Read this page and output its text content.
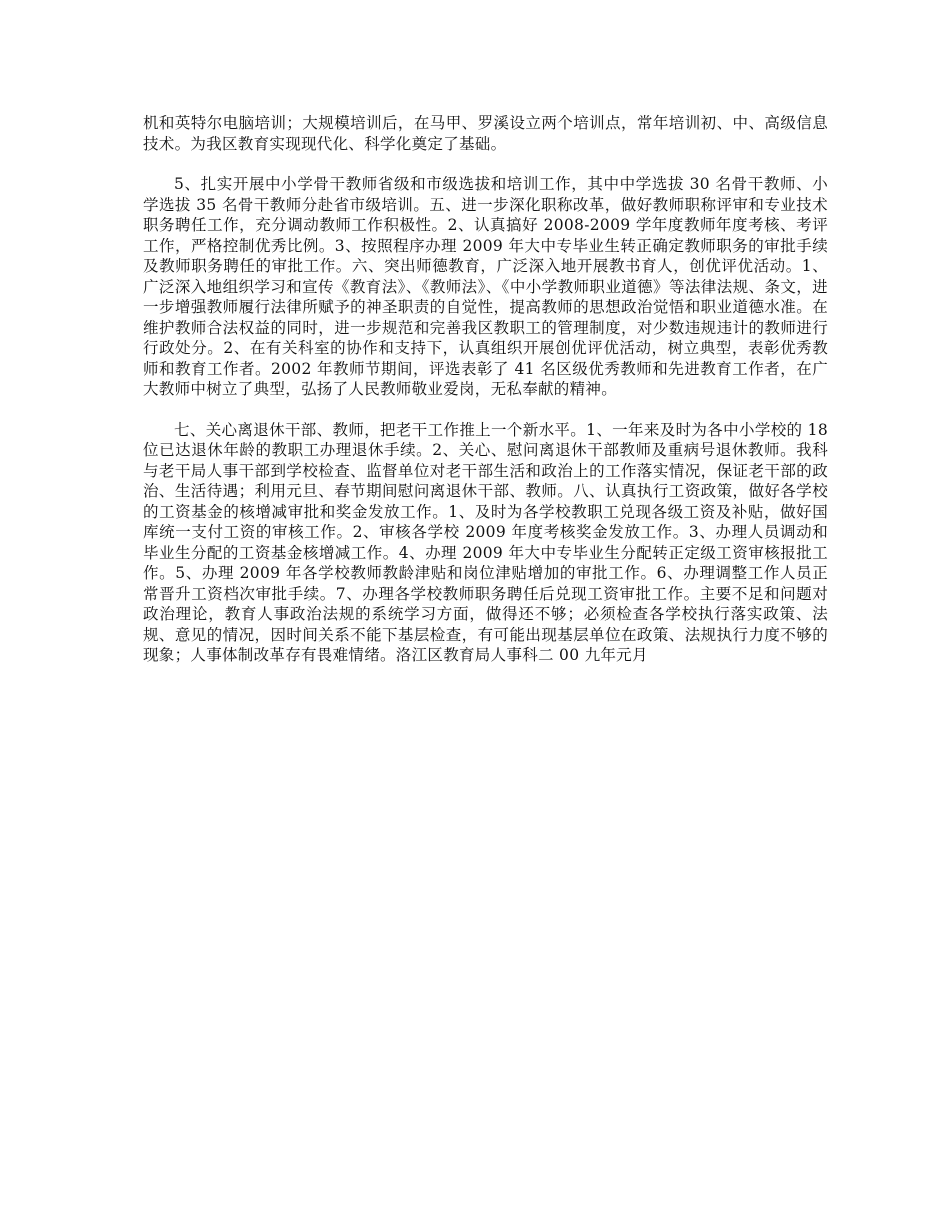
机和英特尔电脑培训；大规模培训后，在马甲、罗溪设立两个培训点，常年培训初、中、高级信息技术。为我区教育实现现代化、科学化奠定了基础。

5、扎实开展中小学骨干教师省级和市级选拔和培训工作，其中中学选拔 30 名骨干教师、小学选拔 35 名骨干教师分赴省市级培训。五、进一步深化职称改革，做好教师职称评审和专业技术职务聘任工作，充分调动教师工作积极性。2、认真搞好 2008-2009 学年度教师年度考核、考评工作，严格控制优秀比例。3、按照程序办理 2009 年大中专毕业生转正确定教师职务的审批手续及教师职务聘任的审批工作。六、突出师德教育，广泛深入地开展教书育人，创优评优活动。1、广泛深入地组织学习和宣传《教育法》、《教师法》、《中小学教师职业道德》等法律法规、条文，进一步增强教师履行法律所赋予的神圣职责的自觉性，提高教师的思想政治觉悟和职业道德水准。在维护教师合法权益的同时，进一步规范和完善我区教职工的管理制度，对少数违规违计的教师进行行政处分。2、在有关科室的协作和支持下，认真组织开展创优评优活动，树立典型，表彰优秀教师和教育工作者。2002 年教师节期间，评选表彰了 41 名区级优秀教师和先进教育工作者，在广大教师中树立了典型，弘扬了人民教师敬业爱岗，无私奉献的精神。

七、关心离退休干部、教师，把老干工作推上一个新水平。1、一年来及时为各中小学校的 18 位已达退休年龄的教职工办理退休手续。2、关心、慰问离退休干部教师及重病号退休教师。我科与老干局人事干部到学校检查、监督单位对老干部生活和政治上的工作落实情况，保证老干部的政治、生活待遇；利用元旦、春节期间慰问离退休干部、教师。八、认真执行工资政策，做好各学校的工资基金的核增减审批和奖金发放工作。1、及时为各学校教职工兑现各级工资及补贴，做好国库统一支付工资的审核工作。2、审核各学校 2009 年度考核奖金发放工作。3、办理人员调动和毕业生分配的工资基金核增减工作。4、办理 2009 年大中专毕业生分配转正定级工资审核报批工作。5、办理 2009 年各学校教师教龄津贴和岗位津贴增加的审批工作。6、办理调整工作人员正常晋升工资档次审批手续。7、办理各学校教师职务聘任后兑现工资审批工作。主要不足和问题对政治理论，教育人事政治法规的系统学习方面，做得还不够；必须检查各学校执行落实政策、法规、意见的情况，因时间关系不能下基层检查，有可能出现基层单位在政策、法规执行力度不够的现象；人事体制改革存有畏难情绪。洛江区教育局人事科二 00 九年元月
